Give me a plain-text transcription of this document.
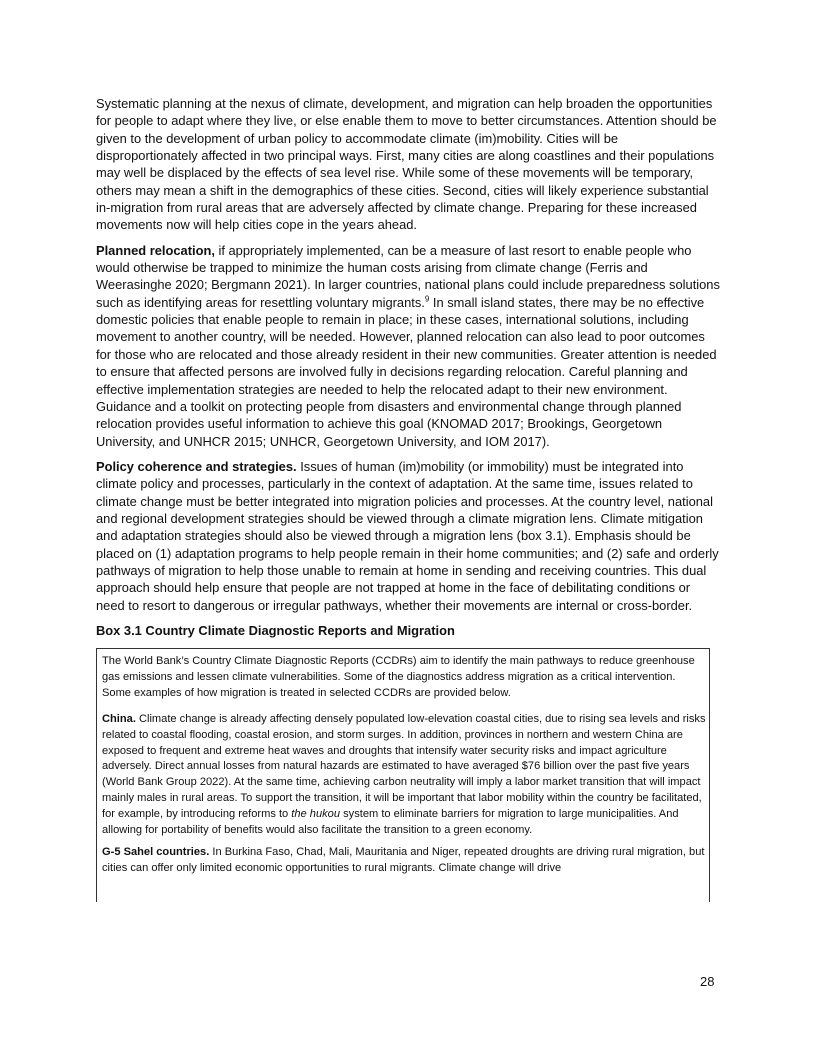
Systematic planning at the nexus of climate, development, and migration can help broaden the opportunities for people to adapt where they live, or else enable them to move to better circumstances. Attention should be given to the development of urban policy to accommodate climate (im)mobility. Cities will be disproportionately affected in two principal ways. First, many cities are along coastlines and their populations may well be displaced by the effects of sea level rise. While some of these movements will be temporary, others may mean a shift in the demographics of these cities. Second, cities will likely experience substantial in-migration from rural areas that are adversely affected by climate change. Preparing for these increased movements now will help cities cope in the years ahead.

Planned relocation, if appropriately implemented, can be a measure of last resort to enable people who would otherwise be trapped to minimize the human costs arising from climate change (Ferris and Weerasinghe 2020; Bergmann 2021). In larger countries, national plans could include preparedness solutions such as identifying areas for resettling voluntary migrants.$^9$ In small island states, there may be no effective domestic policies that enable people to remain in place; in these cases, international solutions, including movement to another country, will be needed. However, planned relocation can also lead to poor outcomes for those who are relocated and those already resident in their new communities. Greater attention is needed to ensure that affected persons are involved fully in decisions regarding relocation. Careful planning and effective implementation strategies are needed to help the relocated adapt to their new environment. Guidance and a toolkit on protecting people from disasters and environmental change through planned relocation provides useful information to achieve this goal (KNOMAD 2017; Brookings, Georgetown University, and UNHCR 2015; UNHCR, Georgetown University, and IOM 2017).

Policy coherence and strategies. Issues of human (im)mobility (or immobility) must be integrated into climate policy and processes, particularly in the context of adaptation. At the same time, issues related to climate change must be better integrated into migration policies and processes. At the country level, national and regional development strategies should be viewed through a climate migration lens. Climate mitigation and adaptation strategies should also be viewed through a migration lens (box 3.1). Emphasis should be placed on (1) adaptation programs to help people remain in their home communities; and (2) safe and orderly pathways of migration to help those unable to remain at home in sending and receiving countries. This dual approach should help ensure that people are not trapped at home in the face of debilitating conditions or need to resort to dangerous or irregular pathways, whether their movements are internal or cross-border.

Box 3.1 Country Climate Diagnostic Reports and Migration

The World Bank’s Country Climate Diagnostic Reports (CCDRs) aim to identify the main pathways to reduce greenhouse gas emissions and lessen climate vulnerabilities. Some of the diagnostics address migration as a critical intervention. Some examples of how migration is treated in selected CCDRs are provided below.

China. Climate change is already affecting densely populated low-elevation coastal cities, due to rising sea levels and risks related to coastal flooding, coastal erosion, and storm surges. In addition, provinces in northern and western China are exposed to frequent and extreme heat waves and droughts that intensify water security risks and impact agriculture adversely. Direct annual losses from natural hazards are estimated to have averaged $76 billion over the past five years (World Bank Group 2022). At the same time, achieving carbon neutrality will imply a labor market transition that will impact mainly males in rural areas. To support the transition, it will be important that labor mobility within the country be facilitated, for example, by introducing reforms to the hukou system to eliminate barriers for migration to large municipalities. And allowing for portability of benefits would also facilitate the transition to a green economy.

G-5 Sahel countries. In Burkina Faso, Chad, Mali, Mauritania and Niger, repeated droughts are driving rural migration, but cities can offer only limited economic opportunities to rural migrants. Climate change will drive

28
